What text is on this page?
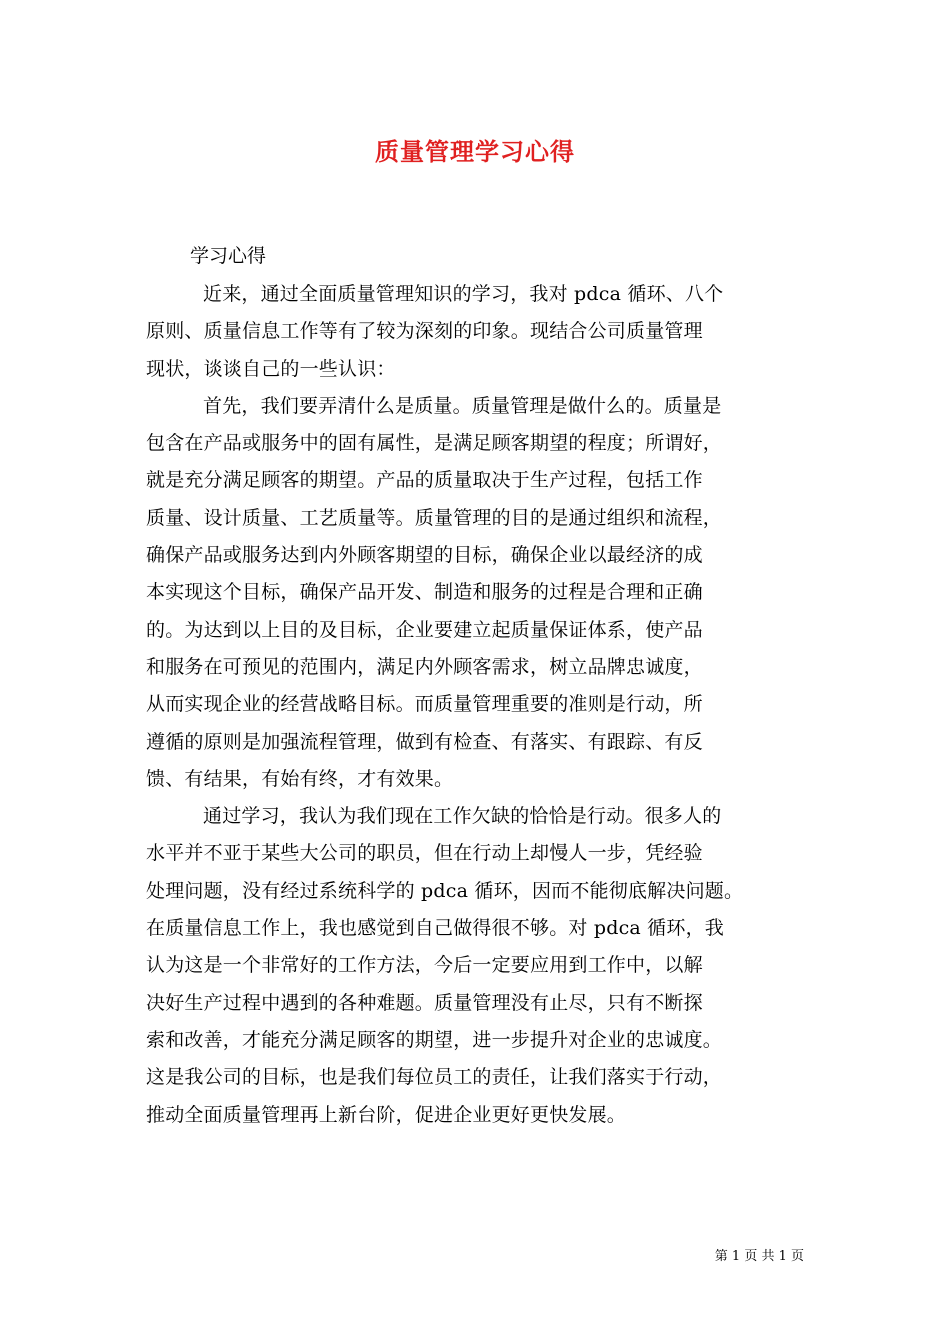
质量管理学习心得

学习心得

近来，通过全面质量管理知识的学习，我对 pdca 循环、八个
原则、质量信息工作等有了较为深刻的印象。现结合公司质量管理
现状，谈谈自己的一些认识：

首先，我们要弄清什么是质量。质量管理是做什么的。质量是
包含在产品或服务中的固有属性，是满足顾客期望的程度；所谓好，
就是充分满足顾客的期望。产品的质量取决于生产过程，包括工作
质量、设计质量、工艺质量等。质量管理的目的是通过组织和流程，
确保产品或服务达到内外顾客期望的目标，确保企业以最经济的成
本实现这个目标，确保产品开发、制造和服务的过程是合理和正确
的。为达到以上目的及目标，企业要建立起质量保证体系，使产品
和服务在可预见的范围内，满足内外顾客需求，树立品牌忠诚度，
从而实现企业的经营战略目标。而质量管理重要的准则是行动，所
遵循的原则是加强流程管理，做到有检查、有落实、有跟踪、有反
馈、有结果，有始有终，才有效果。

通过学习，我认为我们现在工作欠缺的恰恰是行动。很多人的
水平并不亚于某些大公司的职员，但在行动上却慢人一步，凭经验
处理问题，没有经过系统科学的 pdca 循环，因而不能彻底解决问题。
在质量信息工作上，我也感觉到自己做得很不够。对 pdca 循环，我
认为这是一个非常好的工作方法，今后一定要应用到工作中，以解
决好生产过程中遇到的各种难题。质量管理没有止尽，只有不断探
索和改善，才能充分满足顾客的期望，进一步提升对企业的忠诚度。
这是我公司的目标，也是我们每位员工的责任，让我们落实于行动，
推动全面质量管理再上新台阶，促进企业更好更快发展。

第 1 页 共 1 页
